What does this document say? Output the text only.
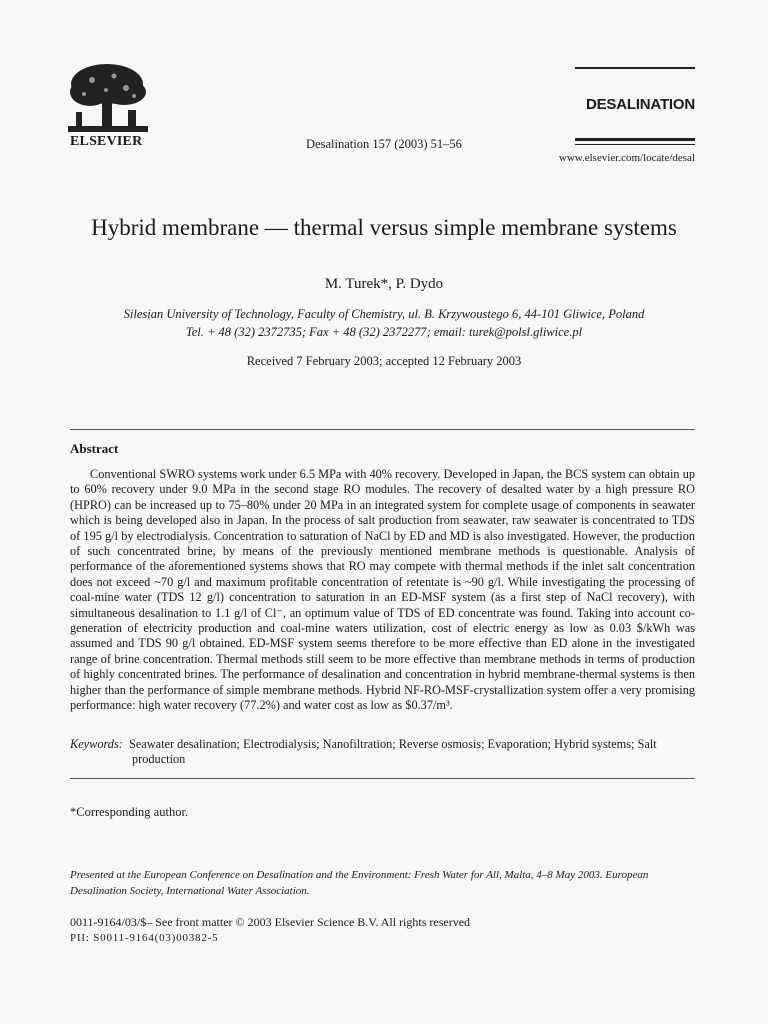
ELSEVIER	Desalination 157 (2003) 51–56
DESALINATION
www.elsevier.com/locate/desal
Hybrid membrane — thermal versus simple membrane systems
M. Turek*, P. Dydo
Silesian University of Technology, Faculty of Chemistry, ul. B. Krzywoustego 6, 44-101 Gliwice, Poland
Tel. + 48 (32) 2372735; Fax + 48 (32) 2372277; email: turek@polsl.gliwice.pl
Received 7 February 2003; accepted 12 February 2003
Abstract
Conventional SWRO systems work under 6.5 MPa with 40% recovery. Developed in Japan, the BCS system can obtain up to 60% recovery under 9.0 MPa in the second stage RO modules. The recovery of desalted water by a high pressure RO (HPRO) can be increased up to 75–80% under 20 MPa in an integrated system for complete usage of components in seawater which is being developed also in Japan. In the process of salt production from seawater, raw seawater is concentrated to TDS of 195 g/l by electrodialysis. Concentration to saturation of NaCl by ED and MD is also investigated. However, the production of such concentrated brine, by means of the previously mentioned membrane methods is questionable. Analysis of performance of the aforementioned systems shows that RO may compete with thermal methods if the inlet salt concentration does not exceed ~70 g/l and maximum profitable concentration of retentate is ~90 g/l. While investigating the processing of coal-mine water (TDS 12 g/l) concentration to saturation in an ED-MSF system (as a first step of NaCl recovery), with simultaneous desalination to 1.1 g/l of Cl⁻, an optimum value of TDS of ED concentrate was found. Taking into account co-generation of electricity production and coal-mine waters utilization, cost of electric energy as low as 0.03 $/kWh was assumed and TDS 90 g/l obtained. ED-MSF system seems therefore to be more effective than ED alone in the investigated range of brine concentration. Thermal methods still seem to be more effective than membrane methods in terms of production of highly concentrated brines. The performance of desalination and concentration in hybrid membrane-thermal systems is then higher than the performance of simple membrane methods. Hybrid NF-RO-MSF-crystallization system offer a very promising performance: high water recovery (77.2%) and water cost as low as $0.37/m³.
Keywords: Seawater desalination; Electrodialysis; Nanofiltration; Reverse osmosis; Evaporation; Hybrid systems; Salt production
*Corresponding author.
Presented at the European Conference on Desalination and the Environment: Fresh Water for All, Malta, 4–8 May 2003. European Desalination Society, International Water Association.
0011-9164/03/$– See front matter © 2003 Elsevier Science B.V. All rights reserved
PII: S0011-9164(03)00382-5
